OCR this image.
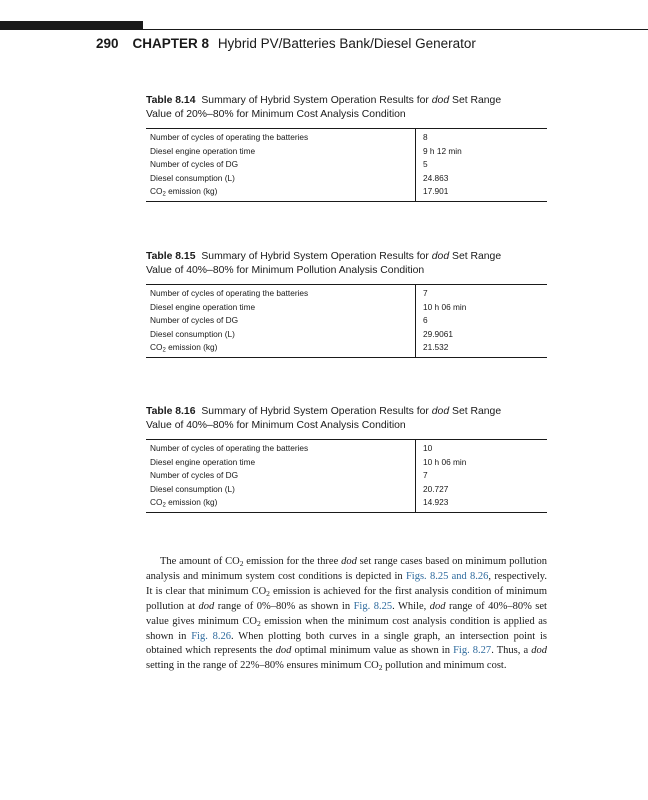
290 CHAPTER 8 Hybrid PV/Batteries Bank/Diesel Generator
Table 8.14 Summary of Hybrid System Operation Results for dod Set Range
Value of 20%–80% for Minimum Cost Analysis Condition
Number of cycles of operating the batteries	8
Diesel engine operation time	9 h 12 min
Number of cycles of DG	5
Diesel consumption (L)	24.863
$CO_2$ emission (kg)	17.901
Table 8.15 Summary of Hybrid System Operation Results for dod Set Range
Value of 40%–80% for Minimum Pollution Analysis Condition
Number of cycles of operating the batteries	7
Diesel engine operation time	10 h 06 min
Number of cycles of DG	6
Diesel consumption (L)	29.9061
$CO_2$ emission (kg)	21.532
Table 8.16 Summary of Hybrid System Operation Results for dod Set Range
Value of 40%–80% for Minimum Cost Analysis Condition
Number of cycles of operating the batteries	10
Diesel engine operation time	10 h 06 min
Number of cycles of DG	7
Diesel consumption (L)	20.727
$CO_2$ emission (kg)	14.923
The amount of $CO_2$ emission for the three dod set range cases based on minimum pollution analysis and minimum system cost conditions is depicted in Figs. 8.25 and 8.26, respectively. It is clear that minimum $CO_2$ emission is achieved for the first analysis condition of minimum pollution at dod range of 0%–80% as shown in Fig. 8.25. While, dod range of 40%–80% set value gives minimum $CO_2$ emission when the minimum cost analysis condition is applied as shown in Fig. 8.26. When plotting both curves in a single graph, an intersection point is obtained which represents the dod optimal minimum value as shown in Fig. 8.27. Thus, a dod setting in the range of 22%–80% ensures minimum $CO_2$ pollution and minimum cost.
